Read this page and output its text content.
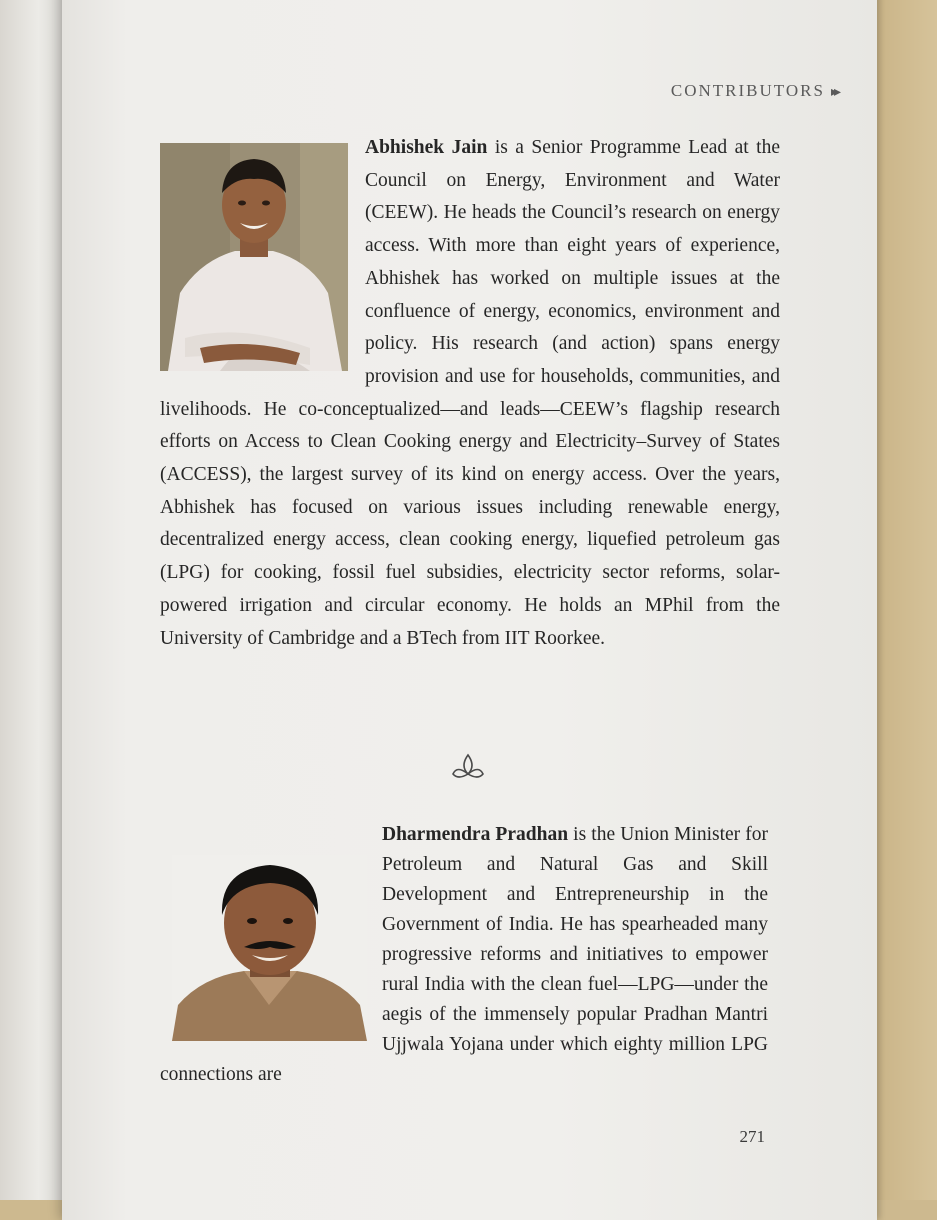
CONTRIBUTORS ▸▸
Abhishek Jain is a Senior Programme Lead at the Council on Energy, Environment and Water (CEEW). He heads the Council’s research on energy access. With more than eight years of experience, Abhishek has worked on multiple issues at the confluence of energy, economics, environment and policy. His research (and action) spans energy provision and use for households, communities, and livelihoods. He co-conceptualized—and leads—CEEW’s flagship research efforts on Access to Clean Cooking energy and Electricity–Survey of States (ACCESS), the largest survey of its kind on energy access. Over the years, Abhishek has focused on various issues including renewable energy, decentralized energy access, clean cooking energy, liquefied petroleum gas (LPG) for cooking, fossil fuel subsidies, electricity sector reforms, solar-powered irrigation and circular economy. He holds an MPhil from the University of Cambridge and a BTech from IIT Roorkee.
Dharmendra Pradhan is the Union Minister for Petroleum and Natural Gas and Skill Development and Entrepreneurship in the Government of India. He has spearheaded many progressive reforms and initiatives to empower rural India with the clean fuel—LPG—under the aegis of the immensely popular Pradhan Mantri Ujjwala Yojana under which eighty million LPG connections are
271
